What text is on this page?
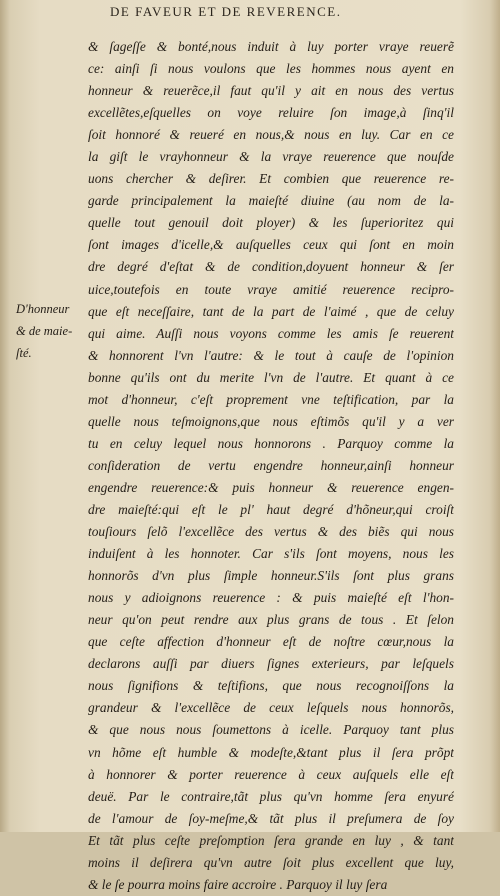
DE FAVEUR ET DE REVERENCE.
D'honneur
& de maie-
ſté.
& ſageſſe & bonté,nous induit à luy porter vraye reuerẽ
ce: ainſi ſi nous voulons que les hommes nous ayent en
honneur & reuerẽce,il faut qu'il y ait en nous des vertus
excellẽtes,eſquelles on voye reluire ſon image,à ſinq'il
ſoit honnoré & reueré en nous,& nous en luy. Car en ce
la giſt le vrayhonneur & la vraye reuerence que nouſde
uons chercher & deſirer. Et combien que reuerence re-
garde principalement la maieſté diuine (au nom de la-
quelle tout genouil doit ployer) & les ſuperioritez qui
ſont images d'icelle,& auſquelles ceux qui ſont en moin
dre degré d'eſtat & de condition,doyuent honneur & ſer
uice,toutefois en toute vraye amitié reuerence recipro-
que eſt neceſſaire, tant de la part de l'aimé , que de celuy
qui aime. Auſſi nous voyons comme les amis ſe reuerent
& honnorent l'vn l'autre: & le tout à cauſe de l'opinion
bonne qu'ils ont du merite l'vn de l'autre. Et quant à ce
mot d'honneur, c'eſt proprement vne teſtification, par la
quelle nous teſmoignons,que nous eſtimõs qu'il y a ver
tu en celuy lequel nous honnorons . Parquoy comme la
conſideration de vertu engendre honneur,ainſi honneur
engendre reuerence:& puis honneur & reuerence engen-
dre maieſté:qui eſt le pl' haut degré d'hõneur,qui croiſt
touſiours ſelõ l'excellẽce des vertus & des biẽs qui nous
induiſent à les honnoter. Car s'ils ſont moyens, nous les
honnorõs d'vn plus ſimple honneur.S'ils ſont plus grans
nous y adioignons reuerence : & puis maieſté eſt l'hon-
neur qu'on peut rendre aux plus grans de tous . Et ſelon
que ceſte affection d'honneur eſt de noſtre cœur,nous la
declarons auſſi par diuers ſignes exterieurs, par leſquels
nous ſignifions & teſtifions, que nous recognoiſſons la
grandeur & l'excellẽce de ceux leſquels nous honnorõs,
& que nous nous ſoumettons à icelle. Parquoy tant plus
vn hõme eſt humble & modeſte,&tant plus il ſera prõpt
à honnorer & porter reuerence à ceux auſquels elle eſt
deuë. Par le contraire,tãt plus qu'vn homme ſera enyuré
de l'amour de ſoy-meſme,& tãt plus il preſumera de ſoy
Et tãt plus ceſte preſomption ſera grande en luy , & tant
moins il deſirera qu'vn autre ſoit plus excellent que luy,
& le ſe pourra moins faire accroire . Parquoy il luy ſera
